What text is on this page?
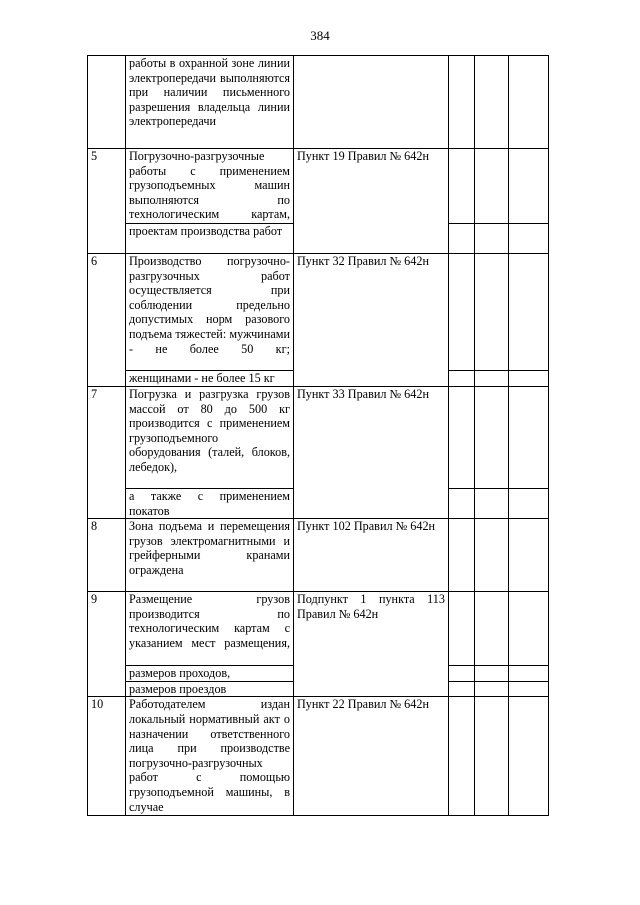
384
	работы в охранной зоне линии электропередачи выполняются при наличии письменного разрешения владельца линии электропередачи				
5	Погрузочно-разгрузочные работы с применением грузоподъемных машин выполняются по технологическим картам,	Пункт 19 Правил № 642н			
	проектам производства работ				
6	Производство погрузочно-разгрузочных работ осуществляется при соблюдении предельно допустимых норм разового подъема тяжестей: мужчинами - не более 50 кг;	Пункт 32 Правил № 642н			
	женщинами - не более 15 кг				
7	Погрузка и разгрузка грузов массой от 80 до 500 кг производится с применением грузоподъемного оборудования (талей, блоков, лебедок),	Пункт 33 Правил № 642н			
	а также с применением покатов				
8	Зона подъема и перемещения грузов электромагнитными и грейферными кранами ограждена	Пункт 102 Правил № 642н			
9	Размещение грузов производится по технологическим картам с указанием мест размещения,	Подпункт 1 пункта 113 Правил № 642н			
	размеров проходов,				
	размеров проездов				
10	Работодателем издан локальный нормативный акт о назначении ответственного лица при производстве погрузочно-разгрузочных работ с помощью грузоподъемной машины, в случае	Пункт 22 Правил № 642н			
